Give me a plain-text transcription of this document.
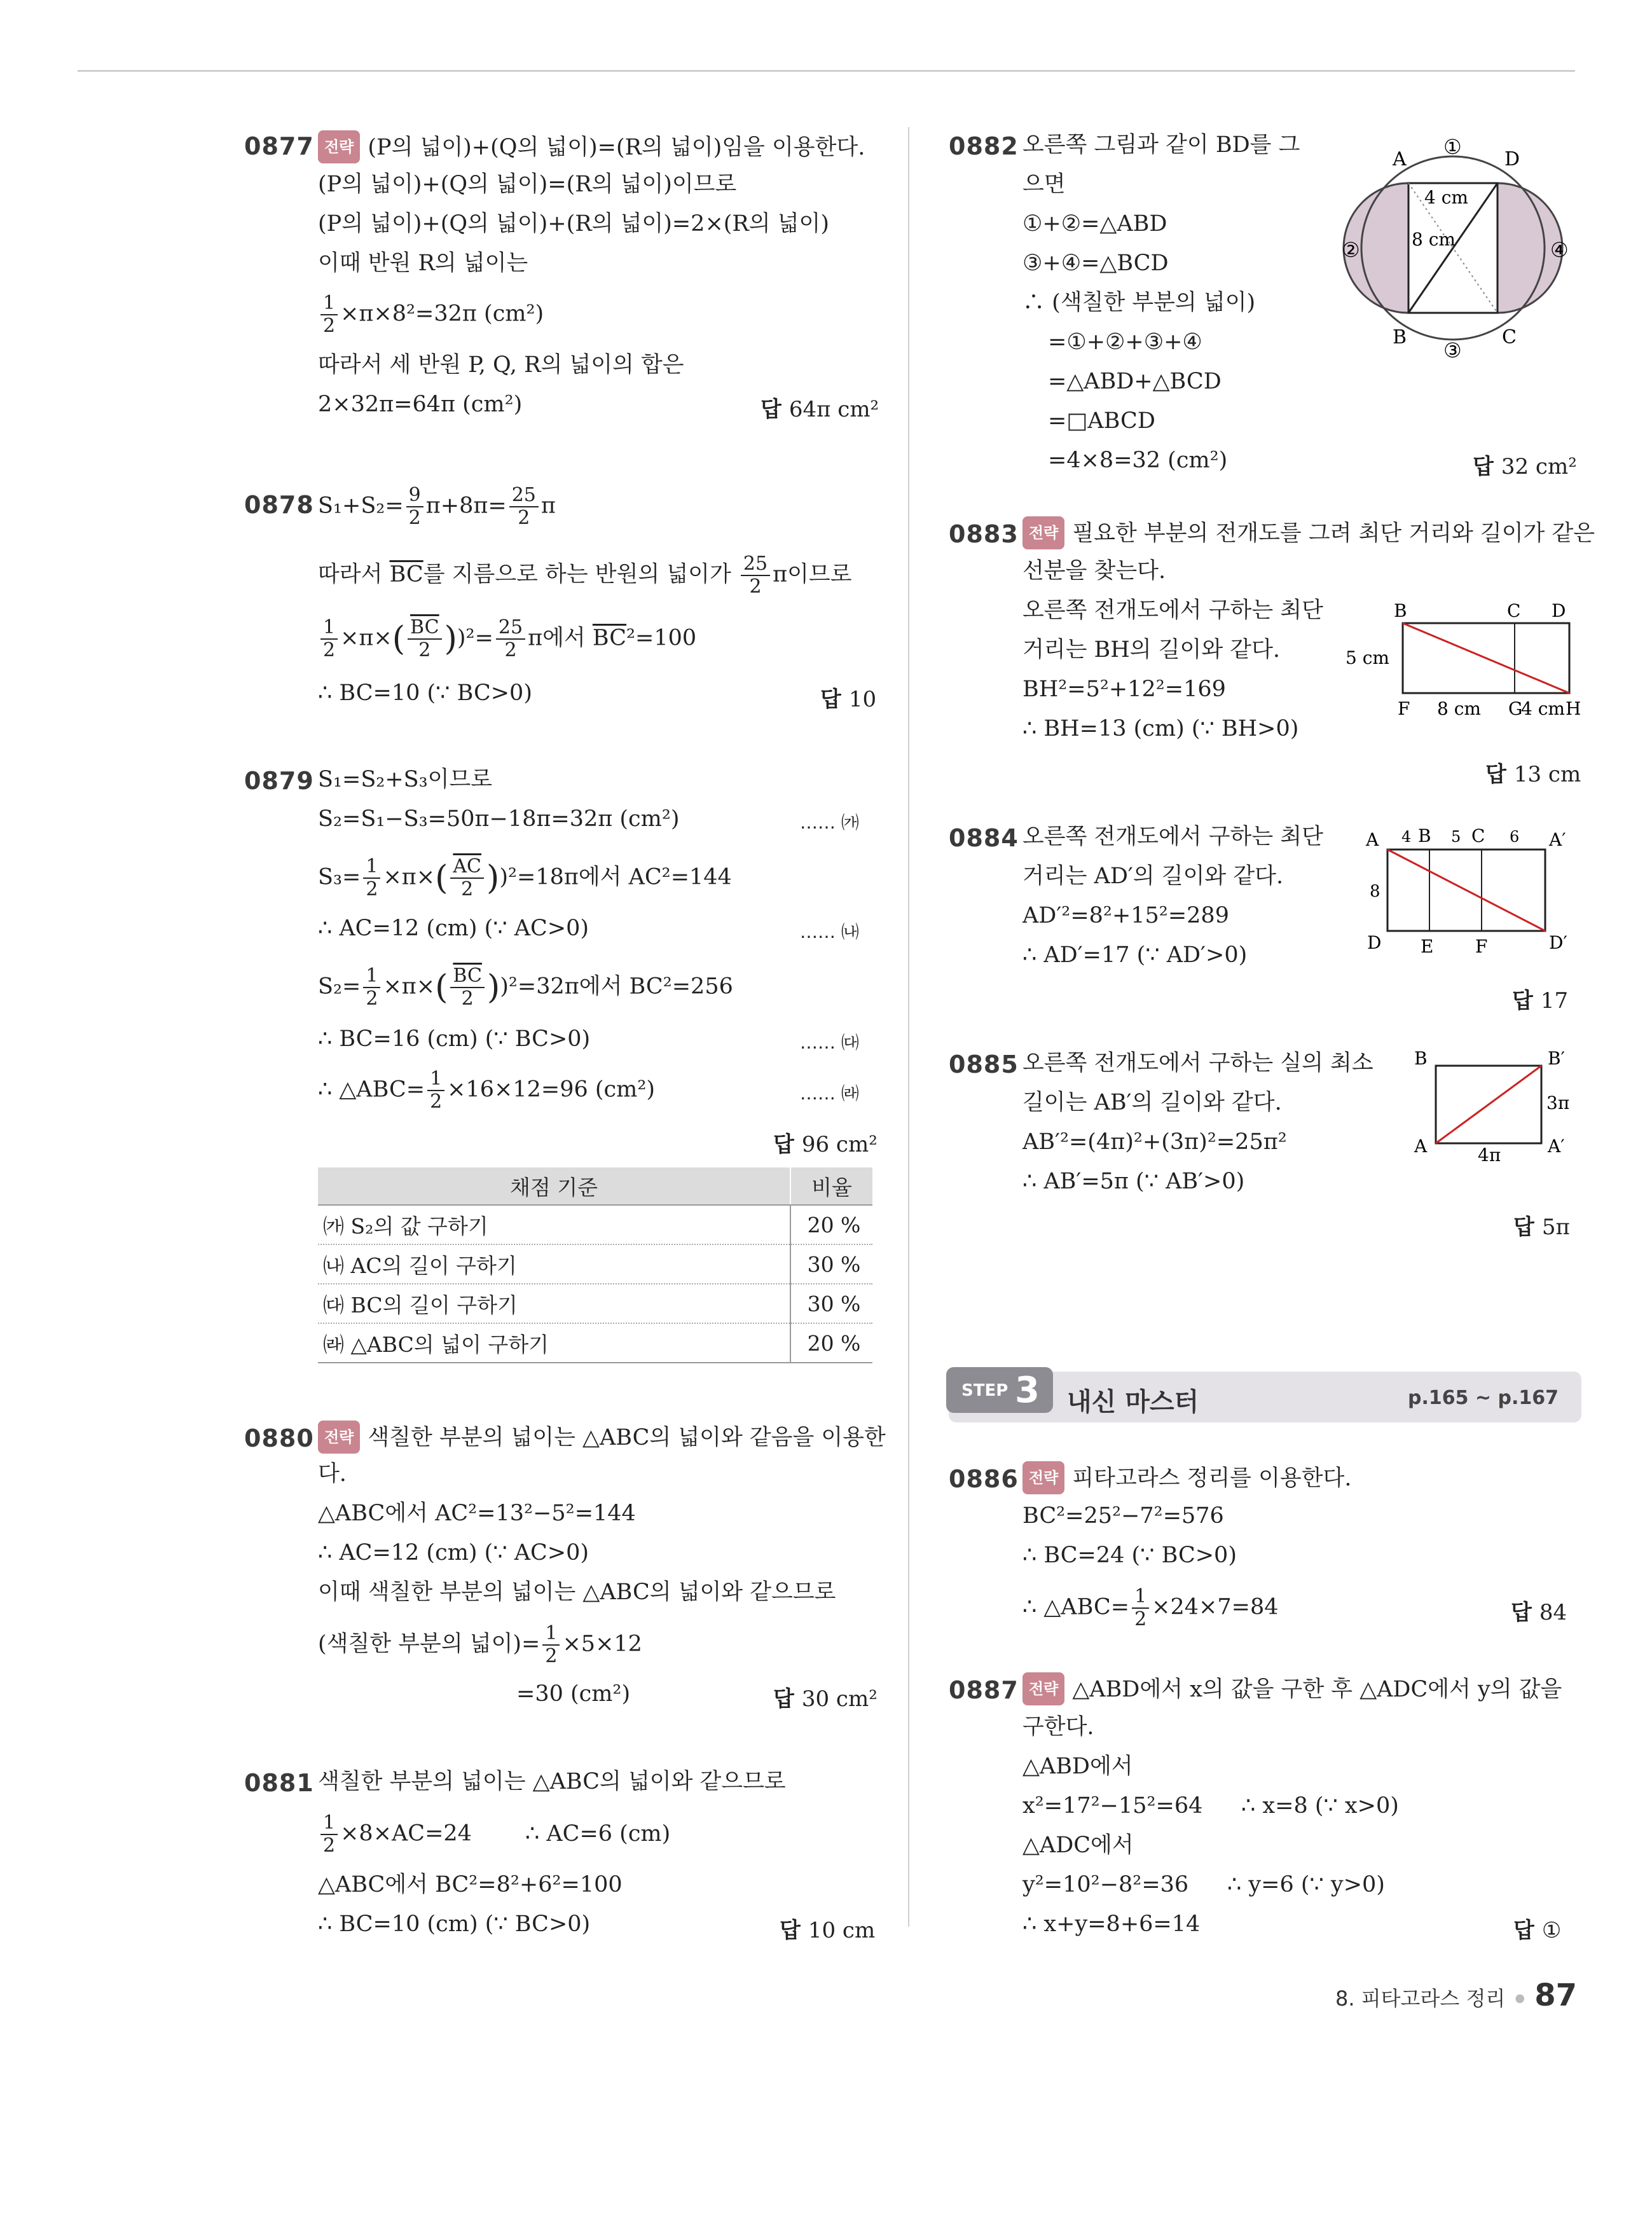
0877 전략 (P의 넓이)+(Q의 넓이)=(R의 넓이)임을 이용한다.
(P의 넓이)+(Q의 넓이)=(R의 넓이)이므로
(P의 넓이)+(Q의 넓이)+(R의 넓이)=2×(R의 넓이)
이때 반원 R의 넓이는
$\frac{1}{2} \times\pi\times 8^2=32\pi$ (cm²)
따라서 세 반원 P, Q, R의 넓이의 합은
2×32π=64π (cm²)	답 64π cm²
0878 $S_1+S_2= \frac{9}{2} \pi+8\pi= \frac{25}{2}$ π
따라서 $\overline{BC}$를 지름으로 하는 반원의 넓이가 $\frac{25}{2}$ π이므로
$\frac{1}{2} \times\pi\times( \frac{\overline{BC}}{2} ))^2= \frac{25}{2}$ π에서 $\overline{BC}^2=100$
∴ BC=10 (∵ BC>0)	답 10
0879 S₁=S₂+S₃이므로
S₂=S₁−S₃=50π−18π=32π (cm²)	…… ㈎
$S_3= \frac{1}{2} \times\pi\times( \frac{\overline{AC}}{2} ))^2=18\pi$에서 AC²=144
∴ AC=12 (cm) (∵ AC>0)	…… ㈏
$S_2= \frac{1}{2} \times\pi\times( \frac{\overline{BC}}{2} ))^2=32\pi$에서 BC²=256
∴ BC=16 (cm) (∵ BC>0)	…… ㈐
∴ △ABC= $\frac{1}{2} \times 16\times 12=96$ (cm²)	…… ㈑
답 96 cm²
채점 기준	비율
㈎ S₂의 값 구하기	20 %
㈏ AC의 길이 구하기	30 %
㈐ BC의 길이 구하기	30 %
㈑ △ABC의 넓이 구하기	20 %
0880 전략 색칠한 부분의 넓이는 △ABC의 넓이와 같음을 이용한
다.
△ABC에서 AC²=13²−5²=144
∴ AC=12 (cm) (∵ AC>0)
이때 색칠한 부분의 넓이는 △ABC의 넓이와 같으므로
(색칠한 부분의 넓이)= $\frac{1}{2} \times 5\times 12$
=30 (cm²)	답 30 cm²
0881 색칠한 부분의 넓이는 △ABC의 넓이와 같으므로
$\frac{1}{2} \times 8\times AC=24$ ∴ AC=6 (cm)
△ABC에서 BC²=8²+6²=100
∴ BC=10 (cm) (∵ BC>0)	답 10 cm
0882 오른쪽 그림과 같이 BD를 그
으면
①+②=△ABD
③+④=△BCD
∴ (색칠한 부분의 넓이)
=①+②+③+④
=△ABD+△BCD
=□ABCD
=4×8=32 (cm²)	답 32 cm²
A	D
B	C
①
②
③
④
4 cm
8 cm
0883 전략 필요한 부분의 전개도를 그려 최단 거리와 길이가 같은
선분을 찾는다.
오른쪽 전개도에서 구하는 최단
거리는 BH의 길이와 같다.
BH²=5²+12²=169
∴ BH=13 (cm) (∵ BH>0)
답 13 cm
B	C D
F	G H
5 cm
8 cm 4 cm
0884 오른쪽 전개도에서 구하는 최단
거리는 AD′의 길이와 같다.
AD′²=8²+15²=289
∴ AD′=17 (∵ AD′>0)
답 17
A B C	A′
D E F	D′
4	5	6
8
0885 오른쪽 전개도에서 구하는 실의 최소
길이는 AB′의 길이와 같다.
AB′²=(4π)²+(3π)²=25π²
∴ AB′=5π (∵ AB′>0)
답 5π
B	B′
A	A′
3π
4π
내신 마스터	p.165 ~ p.167
STEP 3
0886 전략 피타고라스 정리를 이용한다.
BC²=25²−7²=576
∴ BC=24 (∵ BC>0)
∴ △ABC= $\frac{1}{2} \times 24\times 7=84$	답 84
0887 전략 △ABD에서 x의 값을 구한 후 △ADC에서 y의 값을
구한다.
△ABD에서
x²=17²−15²=64 ∴ x=8 (∵ x>0)
△ADC에서
y²=10²−8²=36 ∴ y=6 (∵ y>0)
∴ x+y=8+6=14	답 ①
8. 피타고라스 정리 ● 87
